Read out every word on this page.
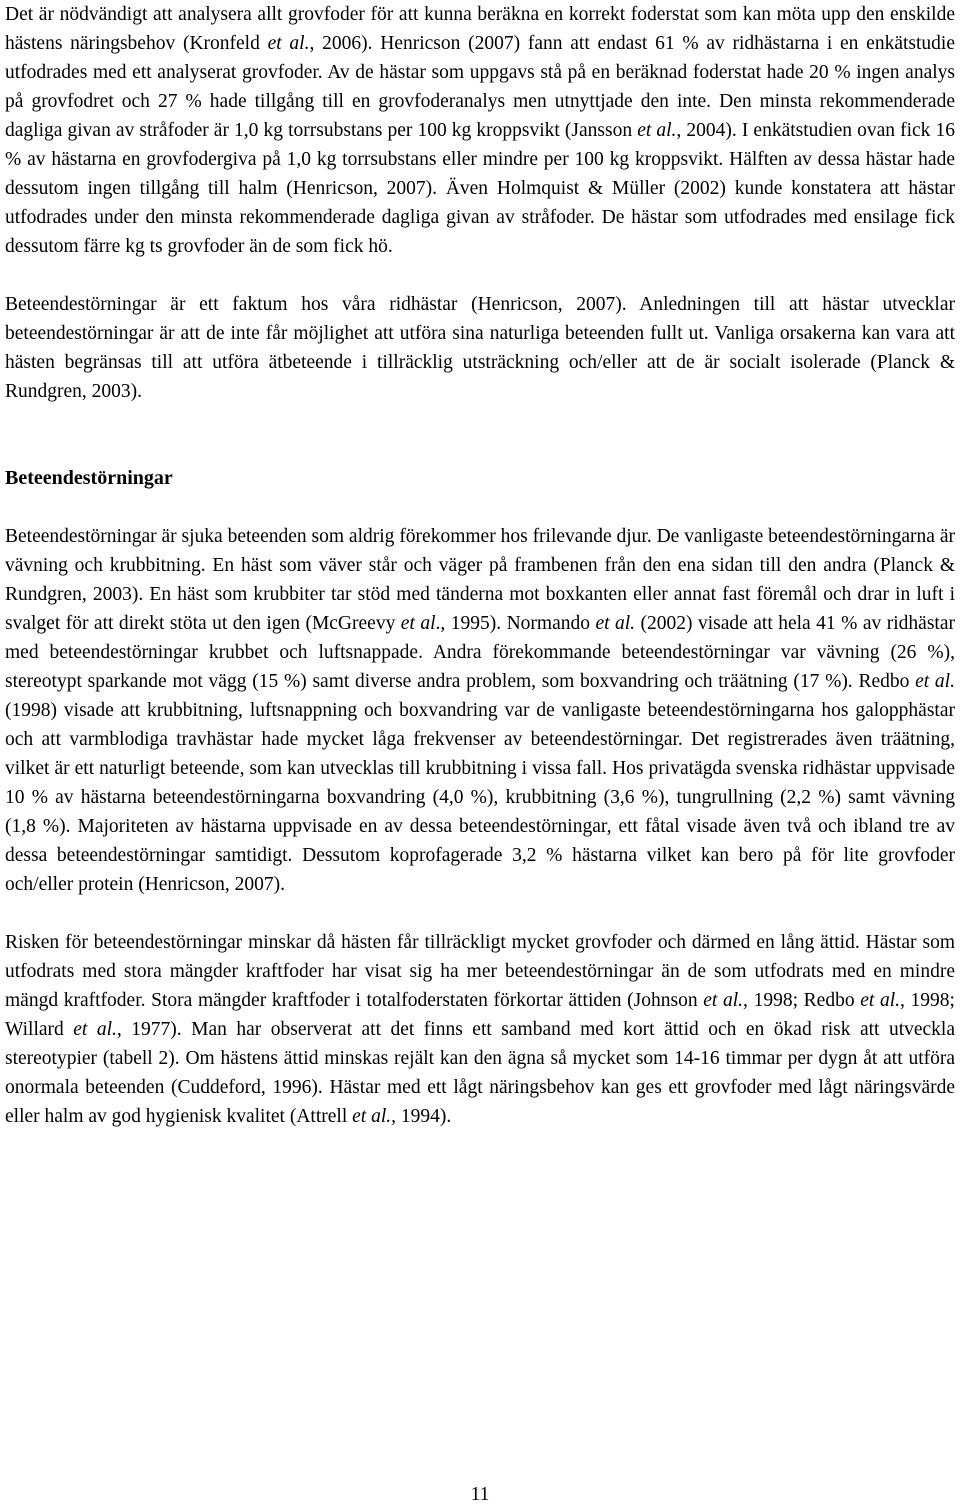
Det är nödvändigt att analysera allt grovfoder för att kunna beräkna en korrekt foderstat som kan möta upp den enskilde hästens näringsbehov (Kronfeld et al., 2006). Henricson (2007) fann att endast 61 % av ridhästarna i en enkätstudie utfodrades med ett analyserat grovfoder. Av de hästar som uppgavs stå på en beräknad foderstat hade 20 % ingen analys på grovfodret och 27 % hade tillgång till en grovfoderanalys men utnyttjade den inte. Den minsta rekommenderade dagliga givan av stråfoder är 1,0 kg torrsubstans per 100 kg kroppsvikt (Jansson et al., 2004). I enkätstudien ovan fick 16 % av hästarna en grovfodergiva på 1,0 kg torrsubstans eller mindre per 100 kg kroppsvikt. Hälften av dessa hästar hade dessutom ingen tillgång till halm (Henricson, 2007). Även Holmquist & Müller (2002) kunde konstatera att hästar utfodrades under den minsta rekommenderade dagliga givan av stråfoder. De hästar som utfodrades med ensilage fick dessutom färre kg ts grovfoder än de som fick hö.

Beteendestörningar är ett faktum hos våra ridhästar (Henricson, 2007). Anledningen till att hästar utvecklar beteendestörningar är att de inte får möjlighet att utföra sina naturliga beteenden fullt ut. Vanliga orsakerna kan vara att hästen begränsas till att utföra ätbeteende i tillräcklig utsträckning och/eller att de är socialt isolerade (Planck & Rundgren, 2003).

Beteendestörningar

Beteendestörningar är sjuka beteenden som aldrig förekommer hos frilevande djur. De vanligaste beteendestörningarna är vävning och krubbitning. En häst som väver står och väger på frambenen från den ena sidan till den andra (Planck & Rundgren, 2003). En häst som krubbiter tar stöd med tänderna mot boxkanten eller annat fast föremål och drar in luft i svalget för att direkt stöta ut den igen (McGreevy et al., 1995). Normando et al. (2002) visade att hela 41 % av ridhästar med beteendestörningar krubbet och luftsnappade. Andra förekommande beteendestörningar var vävning (26 %), stereotypt sparkande mot vägg (15 %) samt diverse andra problem, som boxvandring och träätning (17 %). Redbo et al. (1998) visade att krubbitning, luftsnappning och boxvandring var de vanligaste beteendestörningarna hos galopphästar och att varmblodiga travhästar hade mycket låga frekvenser av beteendestörningar. Det registrerades även träätning, vilket är ett naturligt beteende, som kan utvecklas till krubbitning i vissa fall. Hos privatägda svenska ridhästar uppvisade 10 % av hästarna beteendestörningarna boxvandring (4,0 %), krubbitning (3,6 %), tungrullning (2,2 %) samt vävning (1,8 %). Majoriteten av hästarna uppvisade en av dessa beteendestörningar, ett fåtal visade även två och ibland tre av dessa beteendestörningar samtidigt. Dessutom koprofagerade 3,2 % hästarna vilket kan bero på för lite grovfoder och/eller protein (Henricson, 2007).

Risken för beteendestörningar minskar då hästen får tillräckligt mycket grovfoder och därmed en lång ättid. Hästar som utfodrats med stora mängder kraftfoder har visat sig ha mer beteendestörningar än de som utfodrats med en mindre mängd kraftfoder. Stora mängder kraftfoder i totalfoderstaten förkortar ättiden (Johnson et al., 1998; Redbo et al., 1998; Willard et al., 1977). Man har observerat att det finns ett samband med kort ättid och en ökad risk att utveckla stereotypier (tabell 2). Om hästens ättid minskas rejält kan den ägna så mycket som 14-16 timmar per dygn åt att utföra onormala beteenden (Cuddeford, 1996). Hästar med ett lågt näringsbehov kan ges ett grovfoder med lågt näringsvärde eller halm av god hygienisk kvalitet (Attrell et al., 1994).

11
